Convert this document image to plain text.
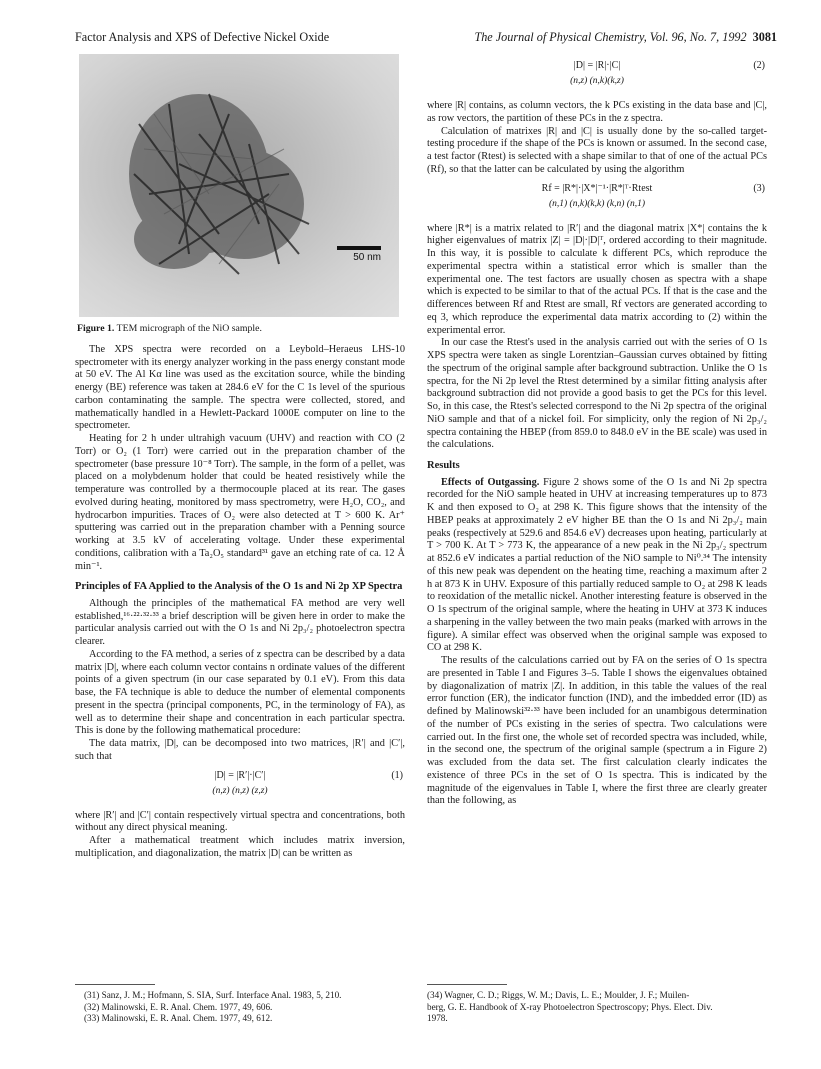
Factor Analysis and XPS of Defective Nickel Oxide	The Journal of Physical Chemistry, Vol. 96, No. 7, 1992 3081
50 nm
Figure 1. TEM micrograph of the NiO sample.

The XPS spectra were recorded on a Leybold–Heraeus LHS-10 spectrometer with its energy analyzer working in the pass energy constant mode at 50 eV. The Al Kα line was used as the excitation source, while the binding energy (BE) reference was taken at 284.6 eV for the C 1s level of the spurious carbon contaminating the sample. The spectra were collected, stored, and mathematically handled in a Hewlett-Packard 1000E computer on line to the spectrometer.

Heating for 2 h under ultrahigh vacuum (UHV) and reaction with CO (2 Torr) or O₂ (1 Torr) were carried out in the preparation chamber of the spectrometer (base pressure 10⁻⁸ Torr). The sample, in the form of a pellet, was placed on a molybdenum holder that could be heated resistively while the temperature was controlled by a thermocouple placed at its rear. The gases evolved during heating, monitored by mass spectrometry, were H₂O, CO₂, and hydrocarbon impurities. Traces of O₂ were also detected at T > 600 K. Ar⁺ sputtering was carried out in the preparation chamber with a Penning source working at 3.5 kV of accelerating voltage. Under these experimental conditions, calibration with a Ta₂O₅ standard³¹ gave an etching rate of ca. 12 Å min⁻¹.

Principles of FA Applied to the Analysis of the O 1s and Ni 2p XP Spectra

Although the principles of the mathematical FA method are very well established,¹⁶·²²·³²·³³ a brief description will be given here in order to make the particular analysis carried out with the O 1s and Ni 2p₃/₂ photoelectron spectra clearer.

According to the FA method, a series of z spectra can be described by a data matrix |D|, where each column vector contains n ordinate values of the different points of a given spectrum (in our case separated by 0.1 eV). From this data base, the FA technique is able to deduce the number of elemental components present in the spectra (principal components, PC, in the terminology of FA), as well as to determine their shape and concentration in each particular spectra. This is done by the following mathematical procedure:

The data matrix, |D|, can be decomposed into two matrices, |R′| and |C′|, such that

|D| = |R′|·|C′|
(n,z) (n,z) (z,z)
(1)

where |R′| and |C′| contain respectively virtual spectra and concentrations, both without any direct physical meaning.

After a mathematical treatment which includes matrix inversion, multiplication, and diagonalization, the matrix |D| can be written as

|D| = |R|·|C|
(n,z) (n,k)(k,z)
(2)

where |R| contains, as column vectors, the k PCs existing in the data base and |C|, as row vectors, the partition of these PCs in the z spectra.

Calculation of matrixes |R| and |C| is usually done by the so-called target-testing procedure if the shape of the PCs is known or assumed. In the second case, a test factor (Rtest) is selected with a shape similar to that of one of the actual PCs (Rf), so that the latter can be calculated by using the algorithm

Rf = |R*|·|X*|⁻¹·|R*|ᵀ·Rtest
(n,1) (n,k)(k,k) (k,n) (n,1)
(3)

where |R*| is a matrix related to |R′| and the diagonal matrix |X*| contains the k higher eigenvalues of matrix |Z| = |D|·|D|ᵀ, ordered according to their magnitude. In this way, it is possible to calculate k different PCs, which reproduce the experimental spectra within a statistical error which is smaller than the experimental one. The test factors are usually chosen as spectra with a shape which is expected to be similar to that of the actual PCs. If that is the case and the differences between Rf and Rtest are small, Rf vectors are generated according to eq 3, which reproduce the experimental data matrix according to (2) within the experimental error.

In our case the Rtest's used in the analysis carried out with the series of O 1s XPS spectra were taken as single Lorentzian–Gaussian curves obtained by fitting the spectrum of the original sample after background subtraction. Unlike the O 1s spectra, for the Ni 2p level the Rtest determined by a similar fitting analysis after background subtraction did not provide a good basis to get the PCs for this level. So, in this case, the Rtest's selected correspond to the Ni 2p spectra of the original NiO sample and that of a nickel foil. For simplicity, only the region of Ni 2p₃/₂ spectra containing the HBEP (from 859.0 to 848.0 eV in the BE scale) was used in the calculations.

Results

Effects of Outgassing. Figure 2 shows some of the O 1s and Ni 2p spectra recorded for the NiO sample heated in UHV at increasing temperatures up to 873 K and then exposed to O₂ at 298 K. This figure shows that the intensity of the HBEP peaks at approximately 2 eV higher BE than the O 1s and Ni 2p₃/₂ main peaks (respectively at 529.6 and 854.6 eV) decreases upon heating, particularly at T > 700 K. At T > 773 K, the appearance of a new peak in the Ni 2p₃/₂ spectrum at 852.6 eV indicates a partial reduction of the NiO sample to Ni⁰.³⁴ The intensity of this new peak was dependent on the heating time, reaching a maximum after 2 h at 873 K in UHV. Exposure of this partially reduced sample to O₂ at 298 K leads to reoxidation of the metallic nickel. Another interesting feature is observed in the O 1s spectrum of the original sample, where the heating in UHV at 373 K induces a sharpening in the valley between the two main peaks (marked with arrows in the figure). A similar effect was observed when the original sample was exposed to CO at 298 K.

The results of the calculations carried out by FA on the series of O 1s spectra are presented in Table I and Figures 3–5. Table I shows the eigenvalues obtained by diagonalization of matrix |Z|. In addition, in this table the values of the real error function (ER), the indicator function (IND), and the imbedded error (ID) as defined by Malinowski³²·³³ have been included for an unambigous determination of the number of PCs existing in the series of spectra. Two calculations were carried out. In the first one, the whole set of recorded spectra was included, while, in the second one, the spectrum of the original sample (spectrum a in Figure 2) was excluded from the data set. The first calculation clearly indicates the existence of three PCs in the set of O 1s spectra. This is indicated by the magnitude of the eigenvalues in Table I, where the first three are clearly greater than the following, as

(31) Sanz, J. M.; Hofmann, S. SIA, Surf. Interface Anal. 1983, 5, 210.
(32) Malinowski, E. R. Anal. Chem. 1977, 49, 606.
(33) Malinowski, E. R. Anal. Chem. 1977, 49, 612.
(34) Wagner, C. D.; Riggs, W. M.; Davis, L. E.; Moulder, J. F.; Muilen-
berg, G. E. Handbook of X-ray Photoelectron Spectroscopy; Phys. Elect. Div.
1978.
